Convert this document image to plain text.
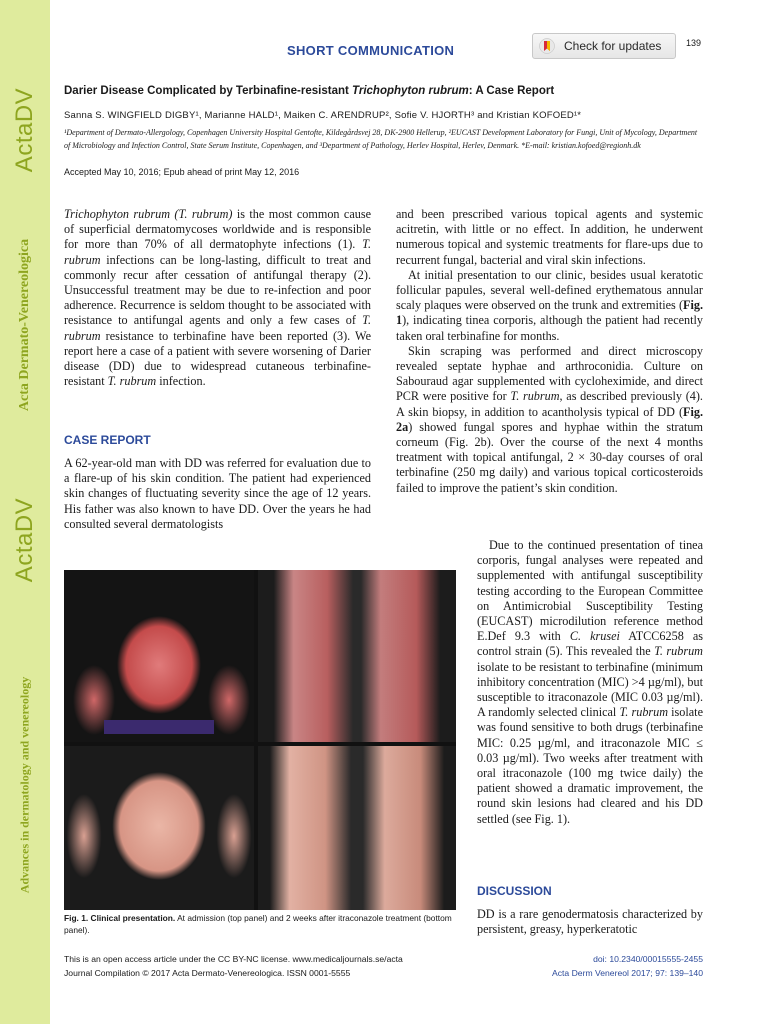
ActaDV
Acta Dermato-Venereologica
ActaDV
Advances in dermatology and venereology
SHORT COMMUNICATION	Check for updates	139
Darier Disease Complicated by Terbinafine-resistant Trichophyton rubrum: A Case Report
Sanna S. WINGFIELD DIGBY¹, Marianne HALD¹, Maiken C. ARENDRUP², Sofie V. HJORTH³ and Kristian KOFOED¹*
¹Department of Dermato-Allergology, Copenhagen University Hospital Gentofte, Kildegårdsvej 28, DK-2900 Hellerup, ²EUCAST Development Laboratory for Fungi, Unit of Mycology, Department of Microbiology and Infection Control, State Serum Institute, Copenhagen, and ³Department of Pathology, Herlev Hospital, Herlev, Denmark. *E-mail: kristian.kofoed@regionh.dk
Accepted May 10, 2016; Epub ahead of print May 12, 2016

Trichophyton rubrum (T. rubrum) is the most common cause of superficial dermatomycoses worldwide and is responsible for more than 70% of all dermatophyte infections (1). T. rubrum infections can be long-lasting, difficult to treat and commonly recur after cessation of antifungal therapy (2). Unsuccessful treatment may be due to re-infection and poor adherence. Recurrence is seldom thought to be associated with resistance to antifungal agents and only a few cases of T. rubrum resistance to terbinafine have been reported (3). We report here a case of a patient with severe worsening of Darier disease (DD) due to widespread cutaneous terbinafine-resistant T. rubrum infection.

CASE REPORT

A 62-year-old man with DD was referred for evaluation due to a flare-up of his skin condition. The patient had experienced skin changes of fluctuating severity since the age of 12 years. His father was also known to have DD. Over the years he had consulted several dermatologists

and been prescribed various topical agents and systemic acitretin, with little or no effect. In addition, he underwent numerous topical and systemic treatments for flare-ups due to recurrent fungal, bacterial and viral skin infections.

At initial presentation to our clinic, besides usual keratotic follicular papules, several well-defined erythematous annular scaly plaques were observed on the trunk and extremities (Fig. 1), indicating tinea corporis, although the patient had recently taken oral terbinafine for months.

Skin scraping was performed and direct microscopy revealed septate hyphae and arthroconidia. Culture on Sabouraud agar supplemented with cycloheximide, and direct PCR were positive for T. rubrum, as described previously (4). A skin biopsy, in addition to acantholysis typical of DD (Fig. 2a) showed fungal spores and hyphae within the stratum corneum (Fig. 2b). Over the course of the next 4 months treatment with topical antifungal, 2 × 30-day courses of oral terbinafine (250 mg daily) and various topical corticosteroids failed to improve the patient’s skin condition.

Due to the continued presentation of tinea corporis, fungal analyses were repeated and supplemented with antifungal susceptibility testing according to the European Committee on Antimicrobial Susceptibility Testing (EUCAST) microdilution reference method E.Def 9.3 with C. krusei ATCC6258 as control strain (5). This revealed the T. rubrum isolate to be resistant to terbinafine (minimum inhibitory concentration (MIC) >4 µg/ml), but susceptible to itraconazole (MIC 0.03 µg/ml). A randomly selected clinical T. rubrum isolate was found sensitive to both drugs (terbinafine MIC: 0.25 µg/ml, and itraconazole MIC ≤ 0.03 µg/ml). Two weeks after treatment with oral itraconazole (100 mg twice daily) the patient showed a dramatic improvement, the round skin lesions had cleared and his DD settled (see Fig. 1).

DISCUSSION

DD is a rare genodermatosis characterized by persistent, greasy, hyperkeratotic

Fig. 1. Clinical presentation. At admission (top panel) and 2 weeks after itraconazole treatment (bottom panel).
This is an open access article under the CC BY-NC license. www.medicaljournals.se/acta
Journal Compilation © 2017 Acta Dermato-Venereologica. ISSN 0001-5555
doi: 10.2340/00015555-2455
Acta Derm Venereol 2017; 97: 139–140
